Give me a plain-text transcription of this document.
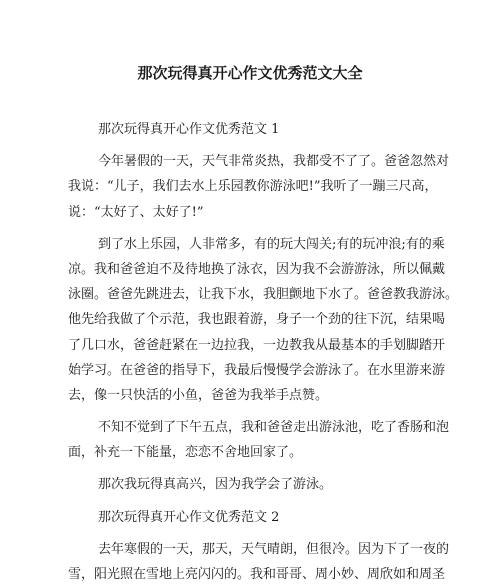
那次玩得真开心作文优秀范文大全
那次玩得真开心作文优秀范文 1
今年暑假的一天，天气非常炎热，我都受不了了。爸爸忽然对
我说：“儿子，我们去水上乐园教你游泳吧!”我听了一蹦三尺高，
说：“太好了、太好了!”
到了水上乐园，人非常多，有的玩大闯关;有的玩冲浪;有的乘
凉。我和爸爸迫不及待地换了泳衣，因为我不会游游泳，所以佩戴
泳圈。爸爸先跳进去，让我下水，我胆颤地下水了。爸爸教我游泳。
他先给我做了个示范，我也跟着游，身子一个劲的往下沉，结果喝
了几口水，爸爸赶紧在一边拉我，一边教我从最基本的手划脚踏开
始学习。在爸爸的指导下，我最后慢慢学会游泳了。在水里游来游
去，像一只快活的小鱼，爸爸为我举手点赞。
不知不觉到了下午五点，我和爸爸走出游泳池，吃了香肠和泡
面，补充一下能量，恋恋不舍地回家了。
那次我玩得真高兴，因为我学会了游泳。
那次玩得真开心作文优秀范文 2
去年寒假的一天，那天，天气晴朗，但很冷。因为下了一夜的
雪，阳光照在雪地上亮闪闪的。我和哥哥、周小妙、周欣如和周圣
